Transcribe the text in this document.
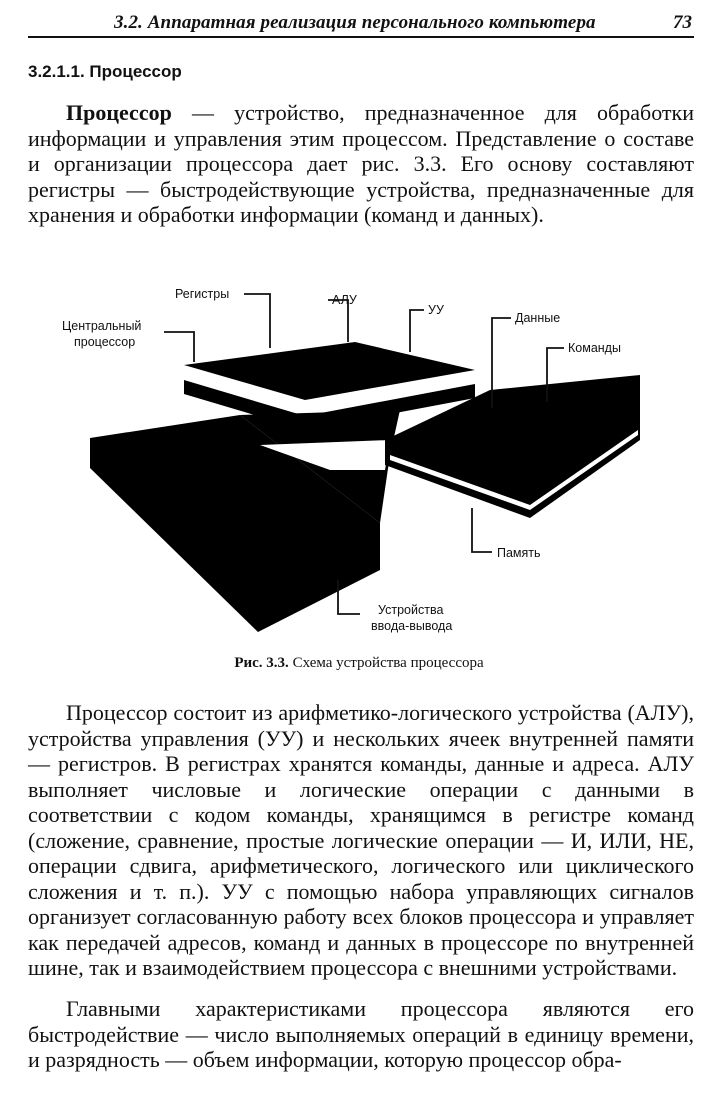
3.2. Аппаратная реализация персонального компьютера	73
3.2.1.1. Процессор

Процессор — устройство, предназначенное для обработки информации и управления этим процессом. Представление о составе и организации процессора дает рис. 3.3. Его основу составляют регистры — быстродействующие устройства, предназначенные для хранения и обработки информации (команд и данных).

Регистры	АЛУ
УУ
Данные
Команды
Центральный
процессор
Память
Устройства
ввода-вывода
Рис. 3.3. Схема устройства процессора

Процессор состоит из арифметико-логического устройства (АЛУ), устройства управления (УУ) и нескольких ячеек внутренней памяти — регистров. В регистрах хранятся команды, данные и адреса. АЛУ выполняет числовые и логические операции с данными в соответствии с кодом команды, хранящимся в регистре команд (сложение, сравнение, простые логические операции — И, ИЛИ, НЕ, операции сдвига, арифметического, логического или циклического сложения и т. п.). УУ с помощью набора управляющих сигналов организует согласованную работу всех блоков процессора и управляет как передачей адресов, команд и данных в процессоре по внутренней шине, так и взаимодействием процессора с внешними устройствами.

Главными характеристиками процессора являются его быстродействие — число выполняемых операций в единицу времени, и разрядность — объем информации, которую процессор обра-
